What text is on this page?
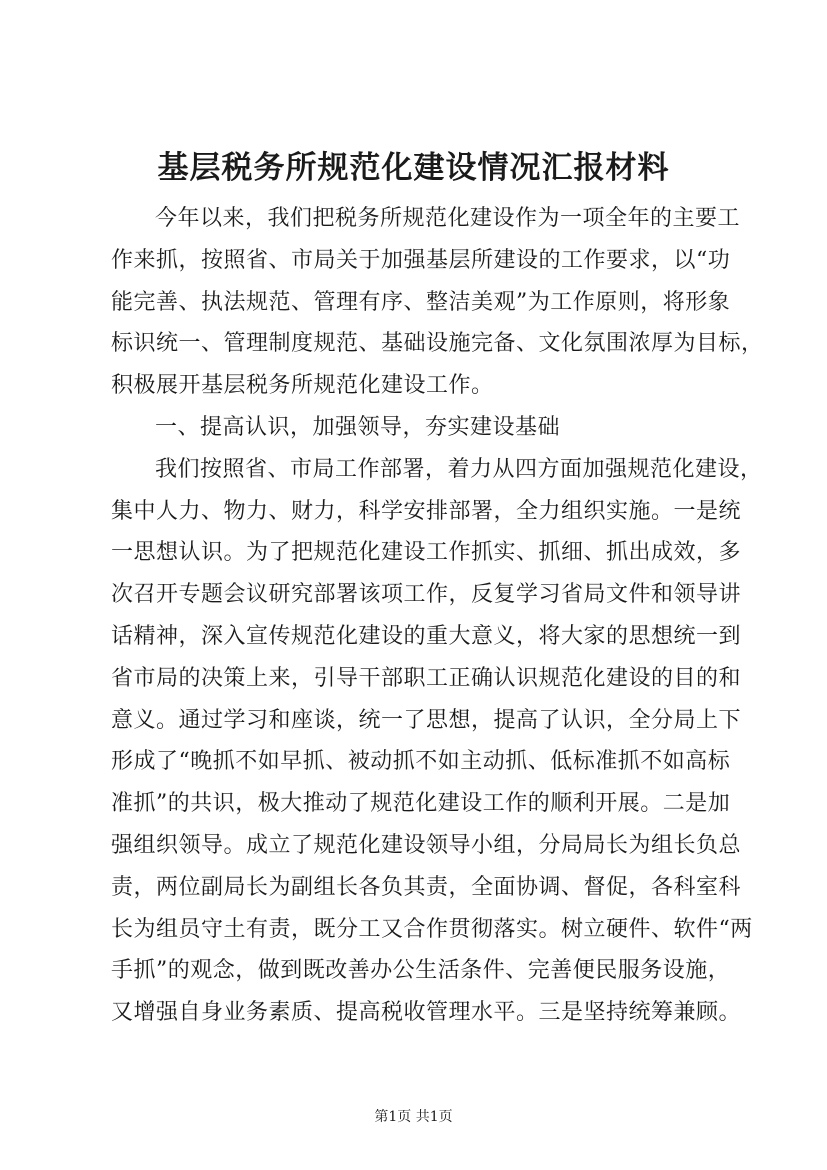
基层税务所规范化建设情况汇报材料
今年以来，我们把税务所规范化建设作为一项全年的主要工
作来抓，按照省、市局关于加强基层所建设的工作要求，以“功
能完善、执法规范、管理有序、整洁美观”为工作原则，将形象
标识统一、管理制度规范、基础设施完备、文化氛围浓厚为目标，
积极展开基层税务所规范化建设工作。
一、提高认识，加强领导，夯实建设基础
我们按照省、市局工作部署，着力从四方面加强规范化建设，
集中人力、物力、财力，科学安排部署，全力组织实施。一是统
一思想认识。为了把规范化建设工作抓实、抓细、抓出成效，多
次召开专题会议研究部署该项工作，反复学习省局文件和领导讲
话精神，深入宣传规范化建设的重大意义，将大家的思想统一到
省市局的决策上来，引导干部职工正确认识规范化建设的目的和
意义。通过学习和座谈，统一了思想，提高了认识，全分局上下
形成了“晚抓不如早抓、被动抓不如主动抓、低标准抓不如高标
准抓”的共识，极大推动了规范化建设工作的顺利开展。二是加
强组织领导。成立了规范化建设领导小组，分局局长为组长负总
责，两位副局长为副组长各负其责，全面协调、督促，各科室科
长为组员守土有责，既分工又合作贯彻落实。树立硬件、软件“两
手抓”的观念，做到既改善办公生活条件、完善便民服务设施，
又增强自身业务素质、提高税收管理水平。三是坚持统筹兼顾。
第1页 共1页
